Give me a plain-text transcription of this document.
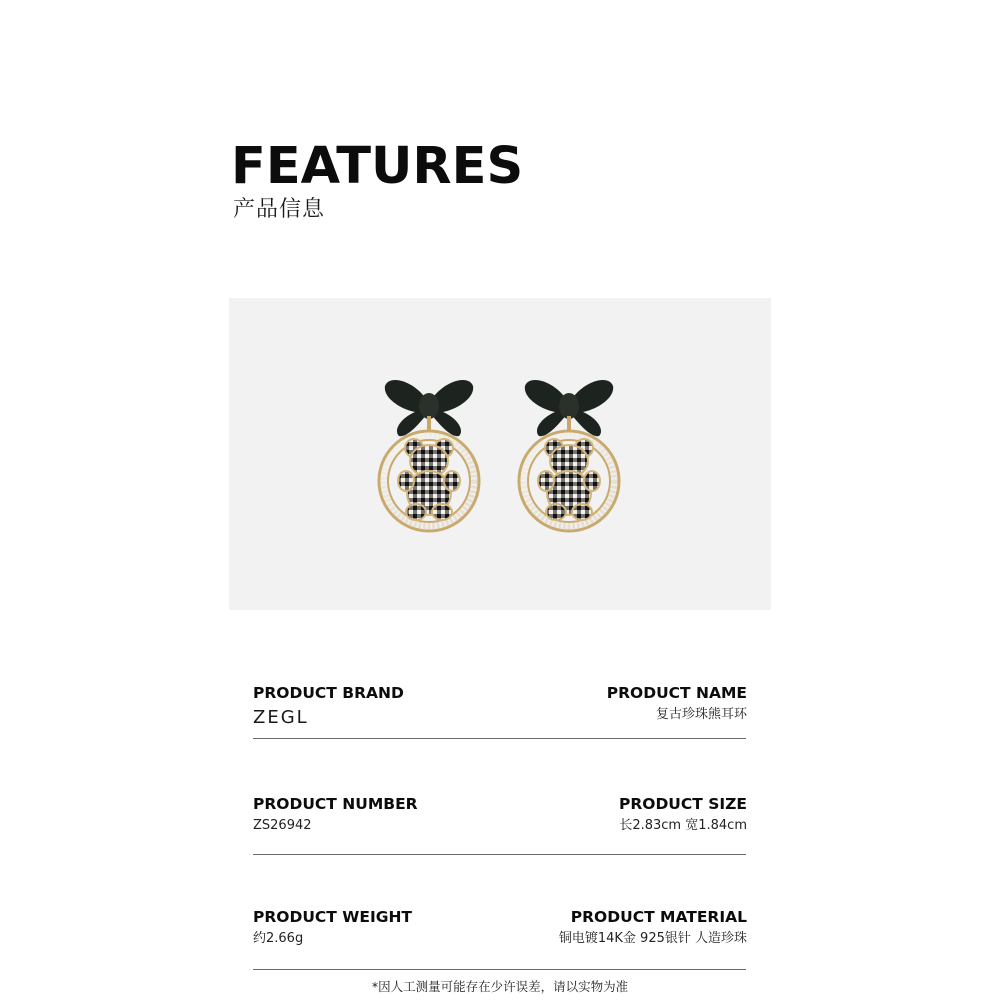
FEATURES
产品信息
PRODUCT BRAND
ZEGL
PRODUCT NAME
复古珍珠熊耳环
PRODUCT NUMBER
ZS26942
PRODUCT SIZE
长2.83cm 宽1.84cm
PRODUCT WEIGHT
约2.66g
PRODUCT MATERIAL
铜电镀14K金 925银针 人造珍珠
*因人工测量可能存在少许误差，请以实物为准
